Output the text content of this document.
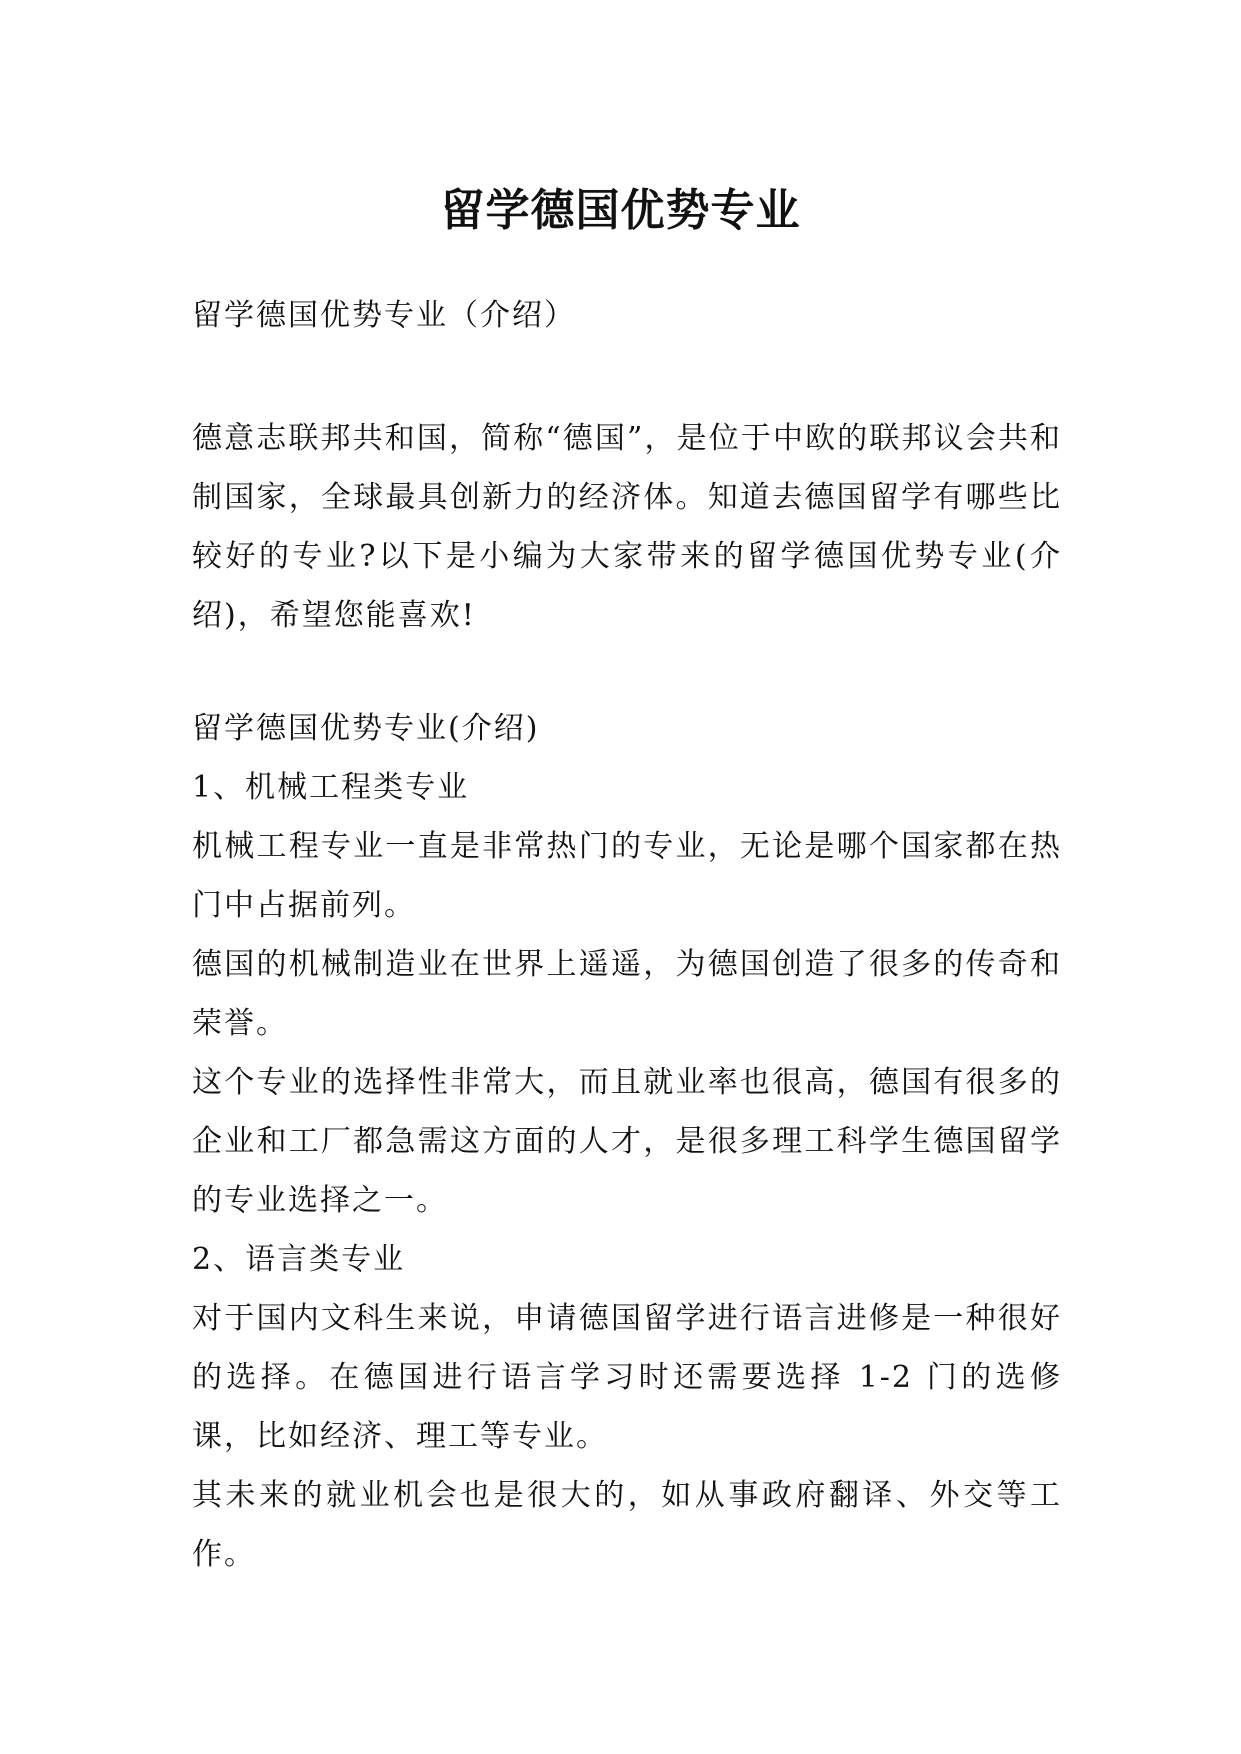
留学德国优势专业

留学德国优势专业（介绍）

德意志联邦共和国，简称“德国”，是位于中欧的联邦议会共和制国家，全球最具创新力的经济体。知道去德国留学有哪些比较好的专业?以下是小编为大家带来的留学德国优势专业(介绍)，希望您能喜欢!

留学德国优势专业(介绍)

1、机械工程类专业

机械工程专业一直是非常热门的专业，无论是哪个国家都在热门中占据前列。

德国的机械制造业在世界上遥遥，为德国创造了很多的传奇和荣誉。

这个专业的选择性非常大，而且就业率也很高，德国有很多的企业和工厂都急需这方面的人才，是很多理工科学生德国留学的专业选择之一。

2、语言类专业

对于国内文科生来说，申请德国留学进行语言进修是一种很好的选择。在德国进行语言学习时还需要选择 1-2 门的选修课，比如经济、理工等专业。

其未来的就业机会也是很大的，如从事政府翻译、外交等工作。
